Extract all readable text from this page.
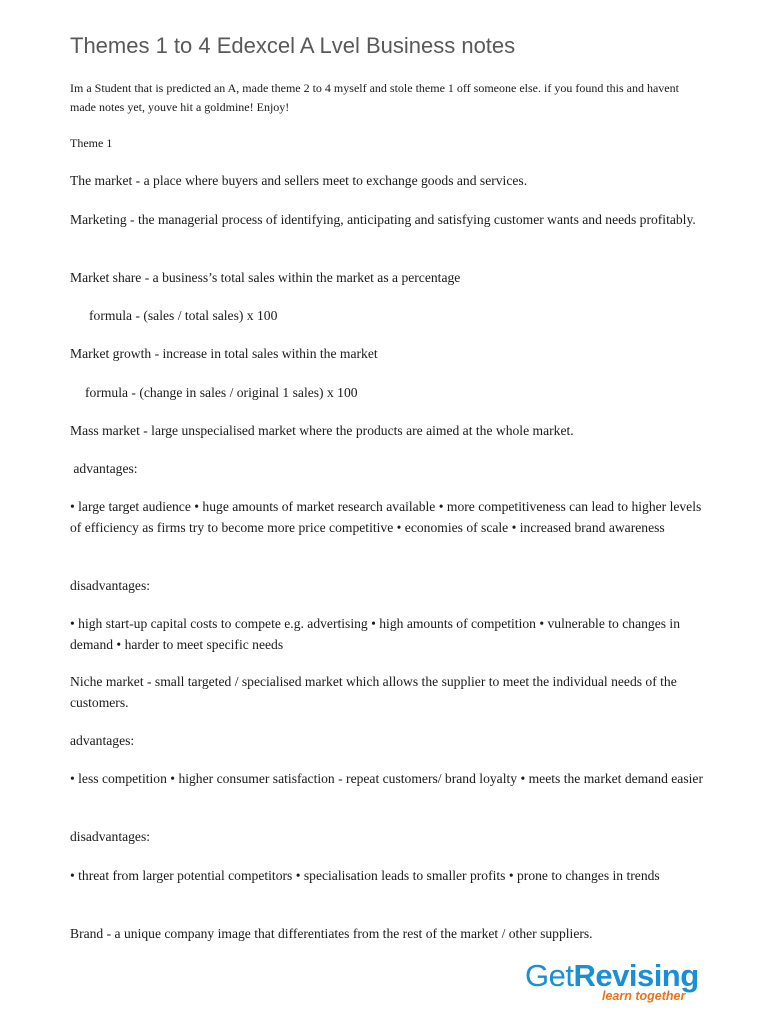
Themes 1 to 4 Edexcel A Lvel Business notes

Im a Student that is predicted an A, made theme 2 to 4 myself and stole theme 1 off someone else. if you found this and havent made notes yet, youve hit a goldmine! Enjoy!

Theme 1

The market - a place where buyers and sellers meet to exchange goods and services.

Marketing - the managerial process of identifying, anticipating and satisfying customer wants and needs profitably.

Market share - a business’s total sales within the market as a percentage

formula - (sales / total sales) x 100

Market growth - increase in total sales within the market

formula - (change in sales / original 1 sales) x 100

Mass market - large unspecialised market where the products are aimed at the whole market.

advantages:

• large target audience • huge amounts of market research available • more competitiveness can lead to higher levels of efficiency as firms try to become more price competitive • economies of scale • increased brand awareness

disadvantages:

• high start-up capital costs to compete e.g. advertising • high amounts of competition • vulnerable to changes in demand • harder to meet specific needs

Niche market - small targeted / specialised market which allows the supplier to meet the individual needs of the customers.

advantages:

• less competition • higher consumer satisfaction - repeat customers/ brand loyalty • meets the market demand easier

disadvantages:

• threat from larger potential competitors • specialisation leads to smaller profits • prone to changes in trends

Brand - a unique company image that differentiates from the rest of the market / other suppliers.

GetRevising
learn together
